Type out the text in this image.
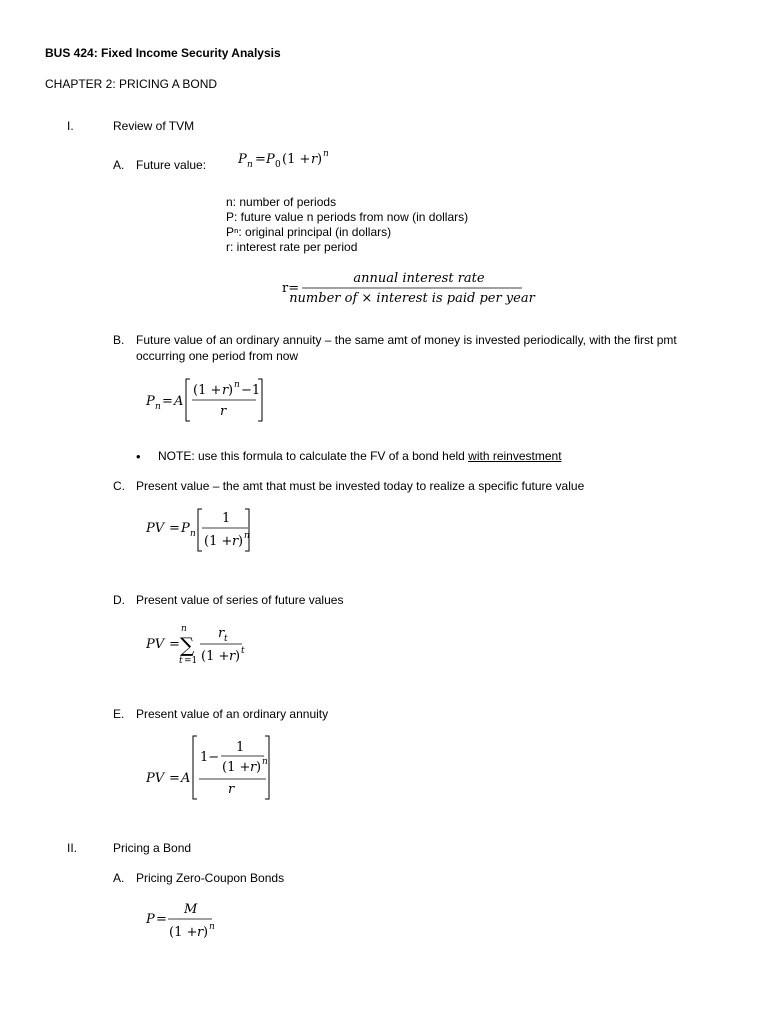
BUS 424: Fixed Income Security Analysis
CHAPTER 2: PRICING A BOND
I.	Review of TVM
A. Future value: P n = P 0 (1 + r ) n
n: number of periods
P: future value n periods from now (in dollars)
Pⁿ: original principal (in dollars)
r: interest rate per period
r=
annual interest rate
number of × interest is paid per year
B. Future value of an ordinary annuity – the same amt of money is invested periodically, with the first pmt
occurring one period from now
P n = A
(1 + r ) n −1
r
• NOTE: use this formula to calculate the FV of a bond held with reinvestment
C. Present value – the amt that must be invested today to realize a specific future value
PV = P n
1
(1 + r ) n
D. Present value of series of future values
PV =
n
∑
t =1
r t
(1 + r ) t
E. Present value of an ordinary annuity
PV = A
1−
1
(1 + r ) n
r
II.	Pricing a Bond
A. Pricing Zero-Coupon Bonds
P =
M
(1 + r ) n
